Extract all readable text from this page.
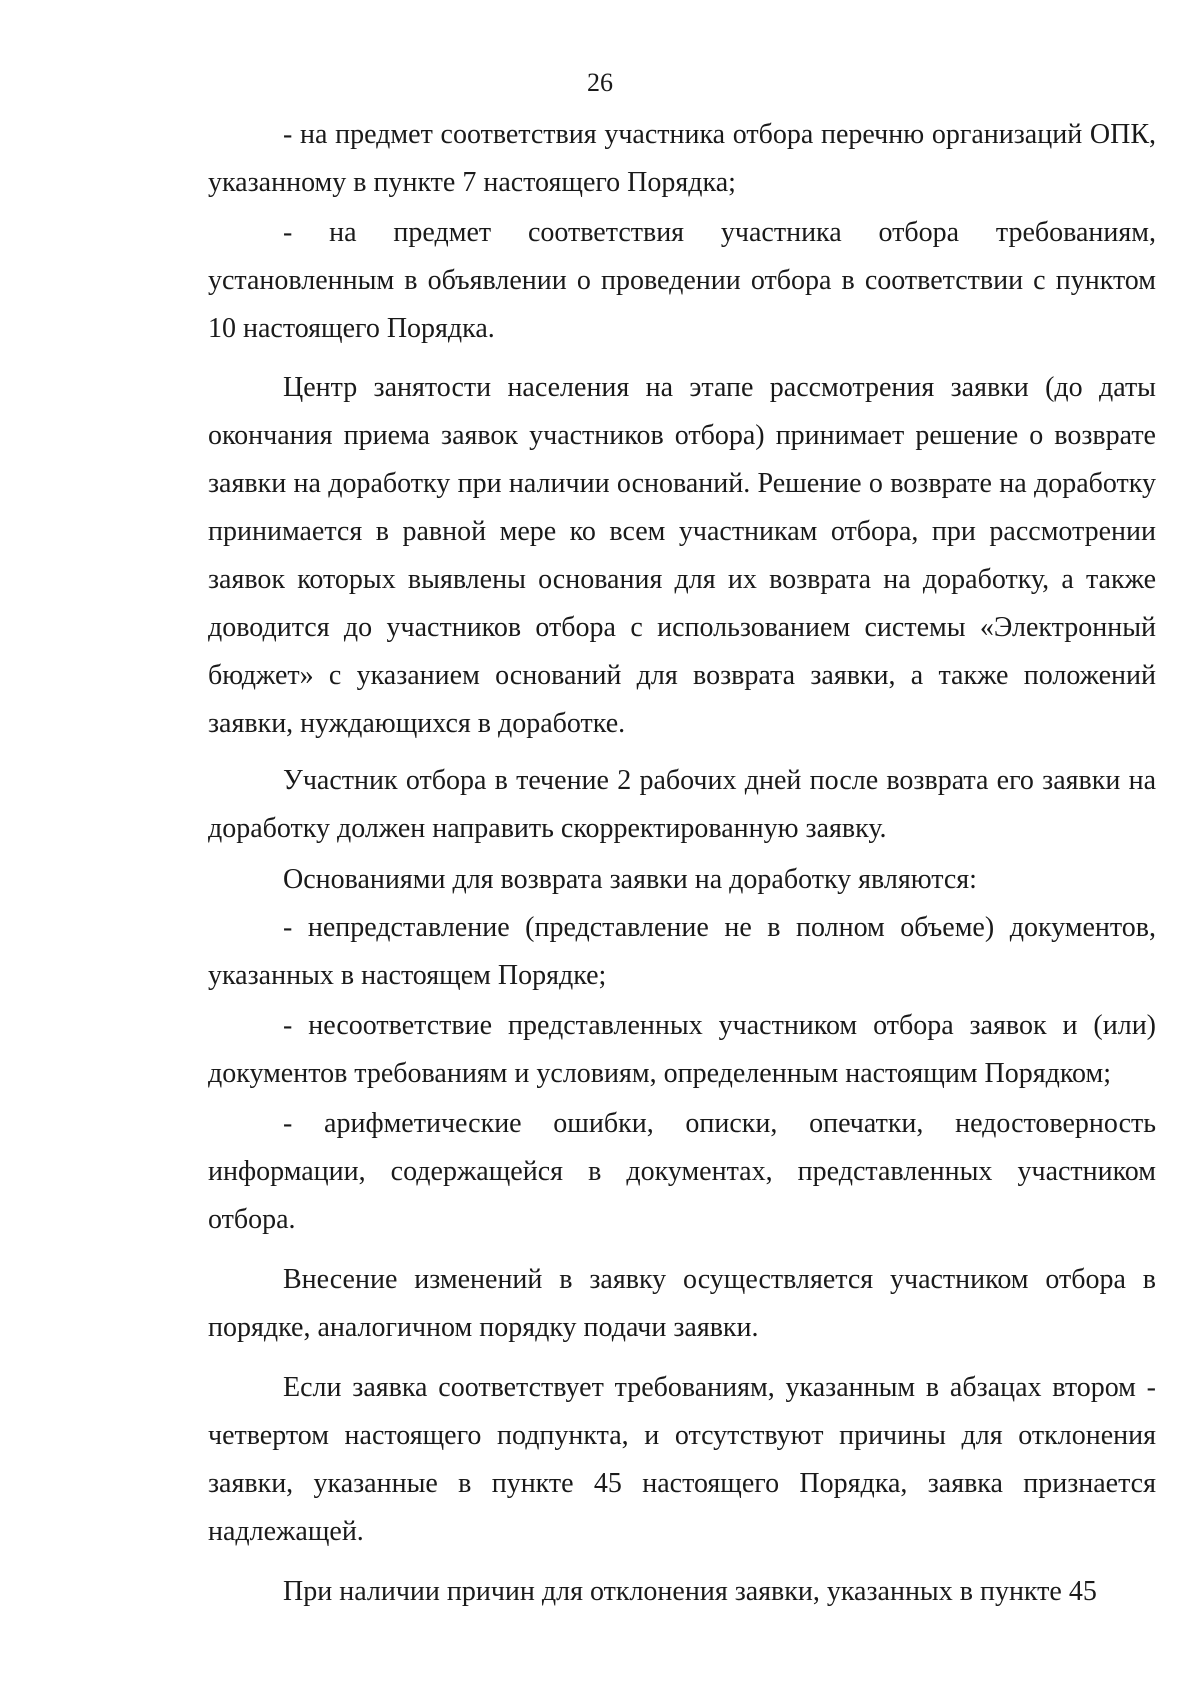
26

- на предмет соответствия участника отбора перечню организаций ОПК, указанному в пункте 7 настоящего Порядка;

- на предмет соответствия участника отбора требованиям, установленным в объявлении о проведении отбора в соответствии с пунктом 10 настоящего Порядка.

Центр занятости населения на этапе рассмотрения заявки (до даты окончания приема заявок участников отбора) принимает решение о возврате заявки на доработку при наличии оснований. Решение о возврате на доработку принимается в равной мере ко всем участникам отбора, при рассмотрении заявок которых выявлены основания для их возврата на доработку, а также доводится до участников отбора с использованием системы «Электронный бюджет» с указанием оснований для возврата заявки, а также положений заявки, нуждающихся в доработке.

Участник отбора в течение 2 рабочих дней после возврата его заявки на доработку должен направить скорректированную заявку.

Основаниями для возврата заявки на доработку являются:

- непредставление (представление не в полном объеме) документов, указанных в настоящем Порядке;

- несоответствие представленных участником отбора заявок и (или) документов требованиям и условиям, определенным настоящим Порядком;

- арифметические ошибки, описки, опечатки, недостоверность информации, содержащейся в документах, представленных участником отбора.

Внесение изменений в заявку осуществляется участником отбора в порядке, аналогичном порядку подачи заявки.

Если заявка соответствует требованиям, указанным в абзацах втором - четвертом настоящего подпункта, и отсутствуют причины для отклонения заявки, указанные в пункте 45 настоящего Порядка, заявка признается надлежащей.

При наличии причин для отклонения заявки, указанных в пункте 45
